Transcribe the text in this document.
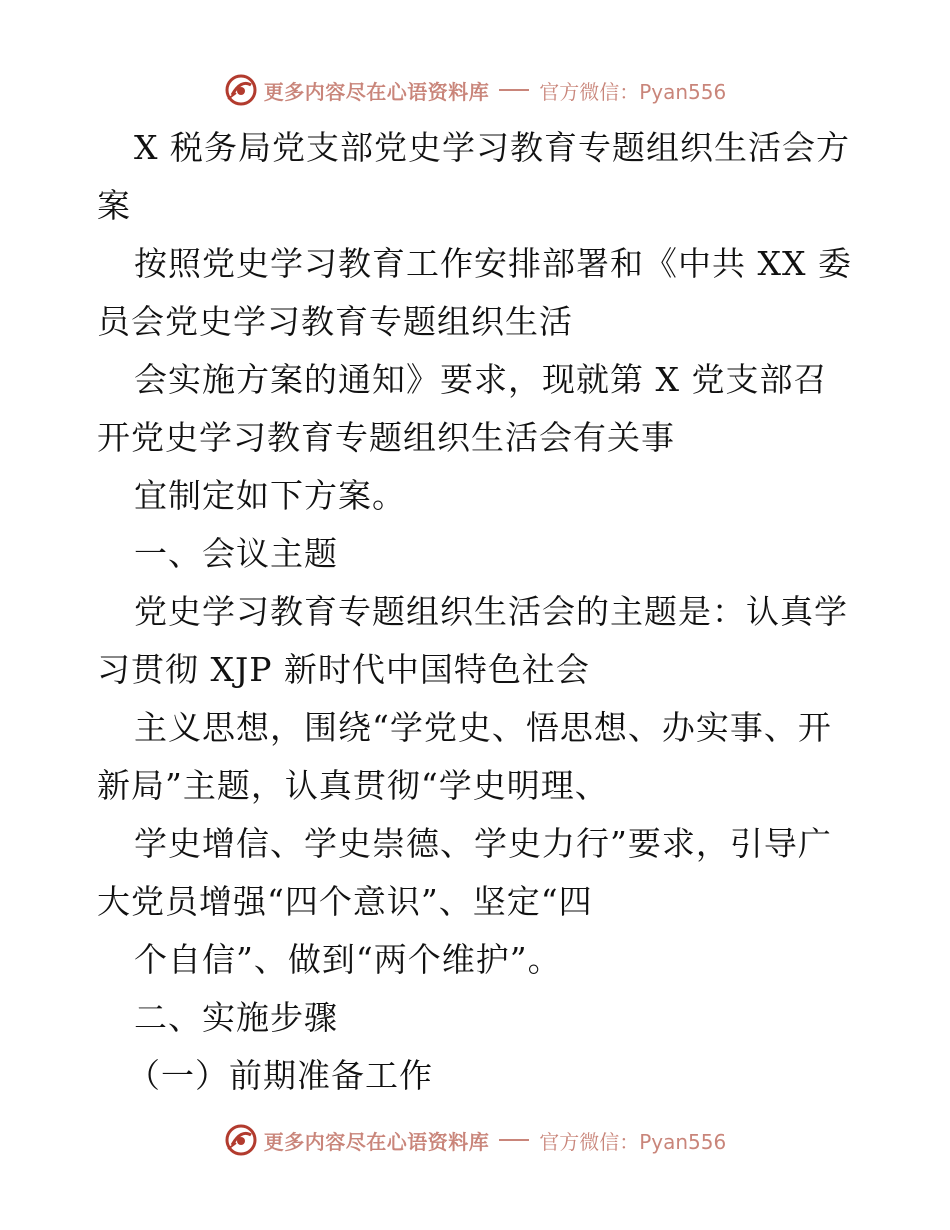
更多内容尽在心语资料库	官方微信：Pyan556
X 税务局党支部党史学习教育专题组织生活会方
案
按照党史学习教育工作安排部署和《中共 XX 委
员会党史学习教育专题组织生活
会实施方案的通知》要求，现就第 X 党支部召
开党史学习教育专题组织生活会有关事
宜制定如下方案。
一、会议主题
党史学习教育专题组织生活会的主题是：认真学
习贯彻 XJP 新时代中国特色社会
主义思想，围绕“学党史、悟思想、办实事、开
新局”主题，认真贯彻“学史明理、
学史增信、学史崇德、学史力行”要求，引导广
大党员增强“四个意识”、坚定“四
个自信”、做到“两个维护”。
二、实施步骤
（一）前期准备工作
更多内容尽在心语资料库	官方微信：Pyan556
